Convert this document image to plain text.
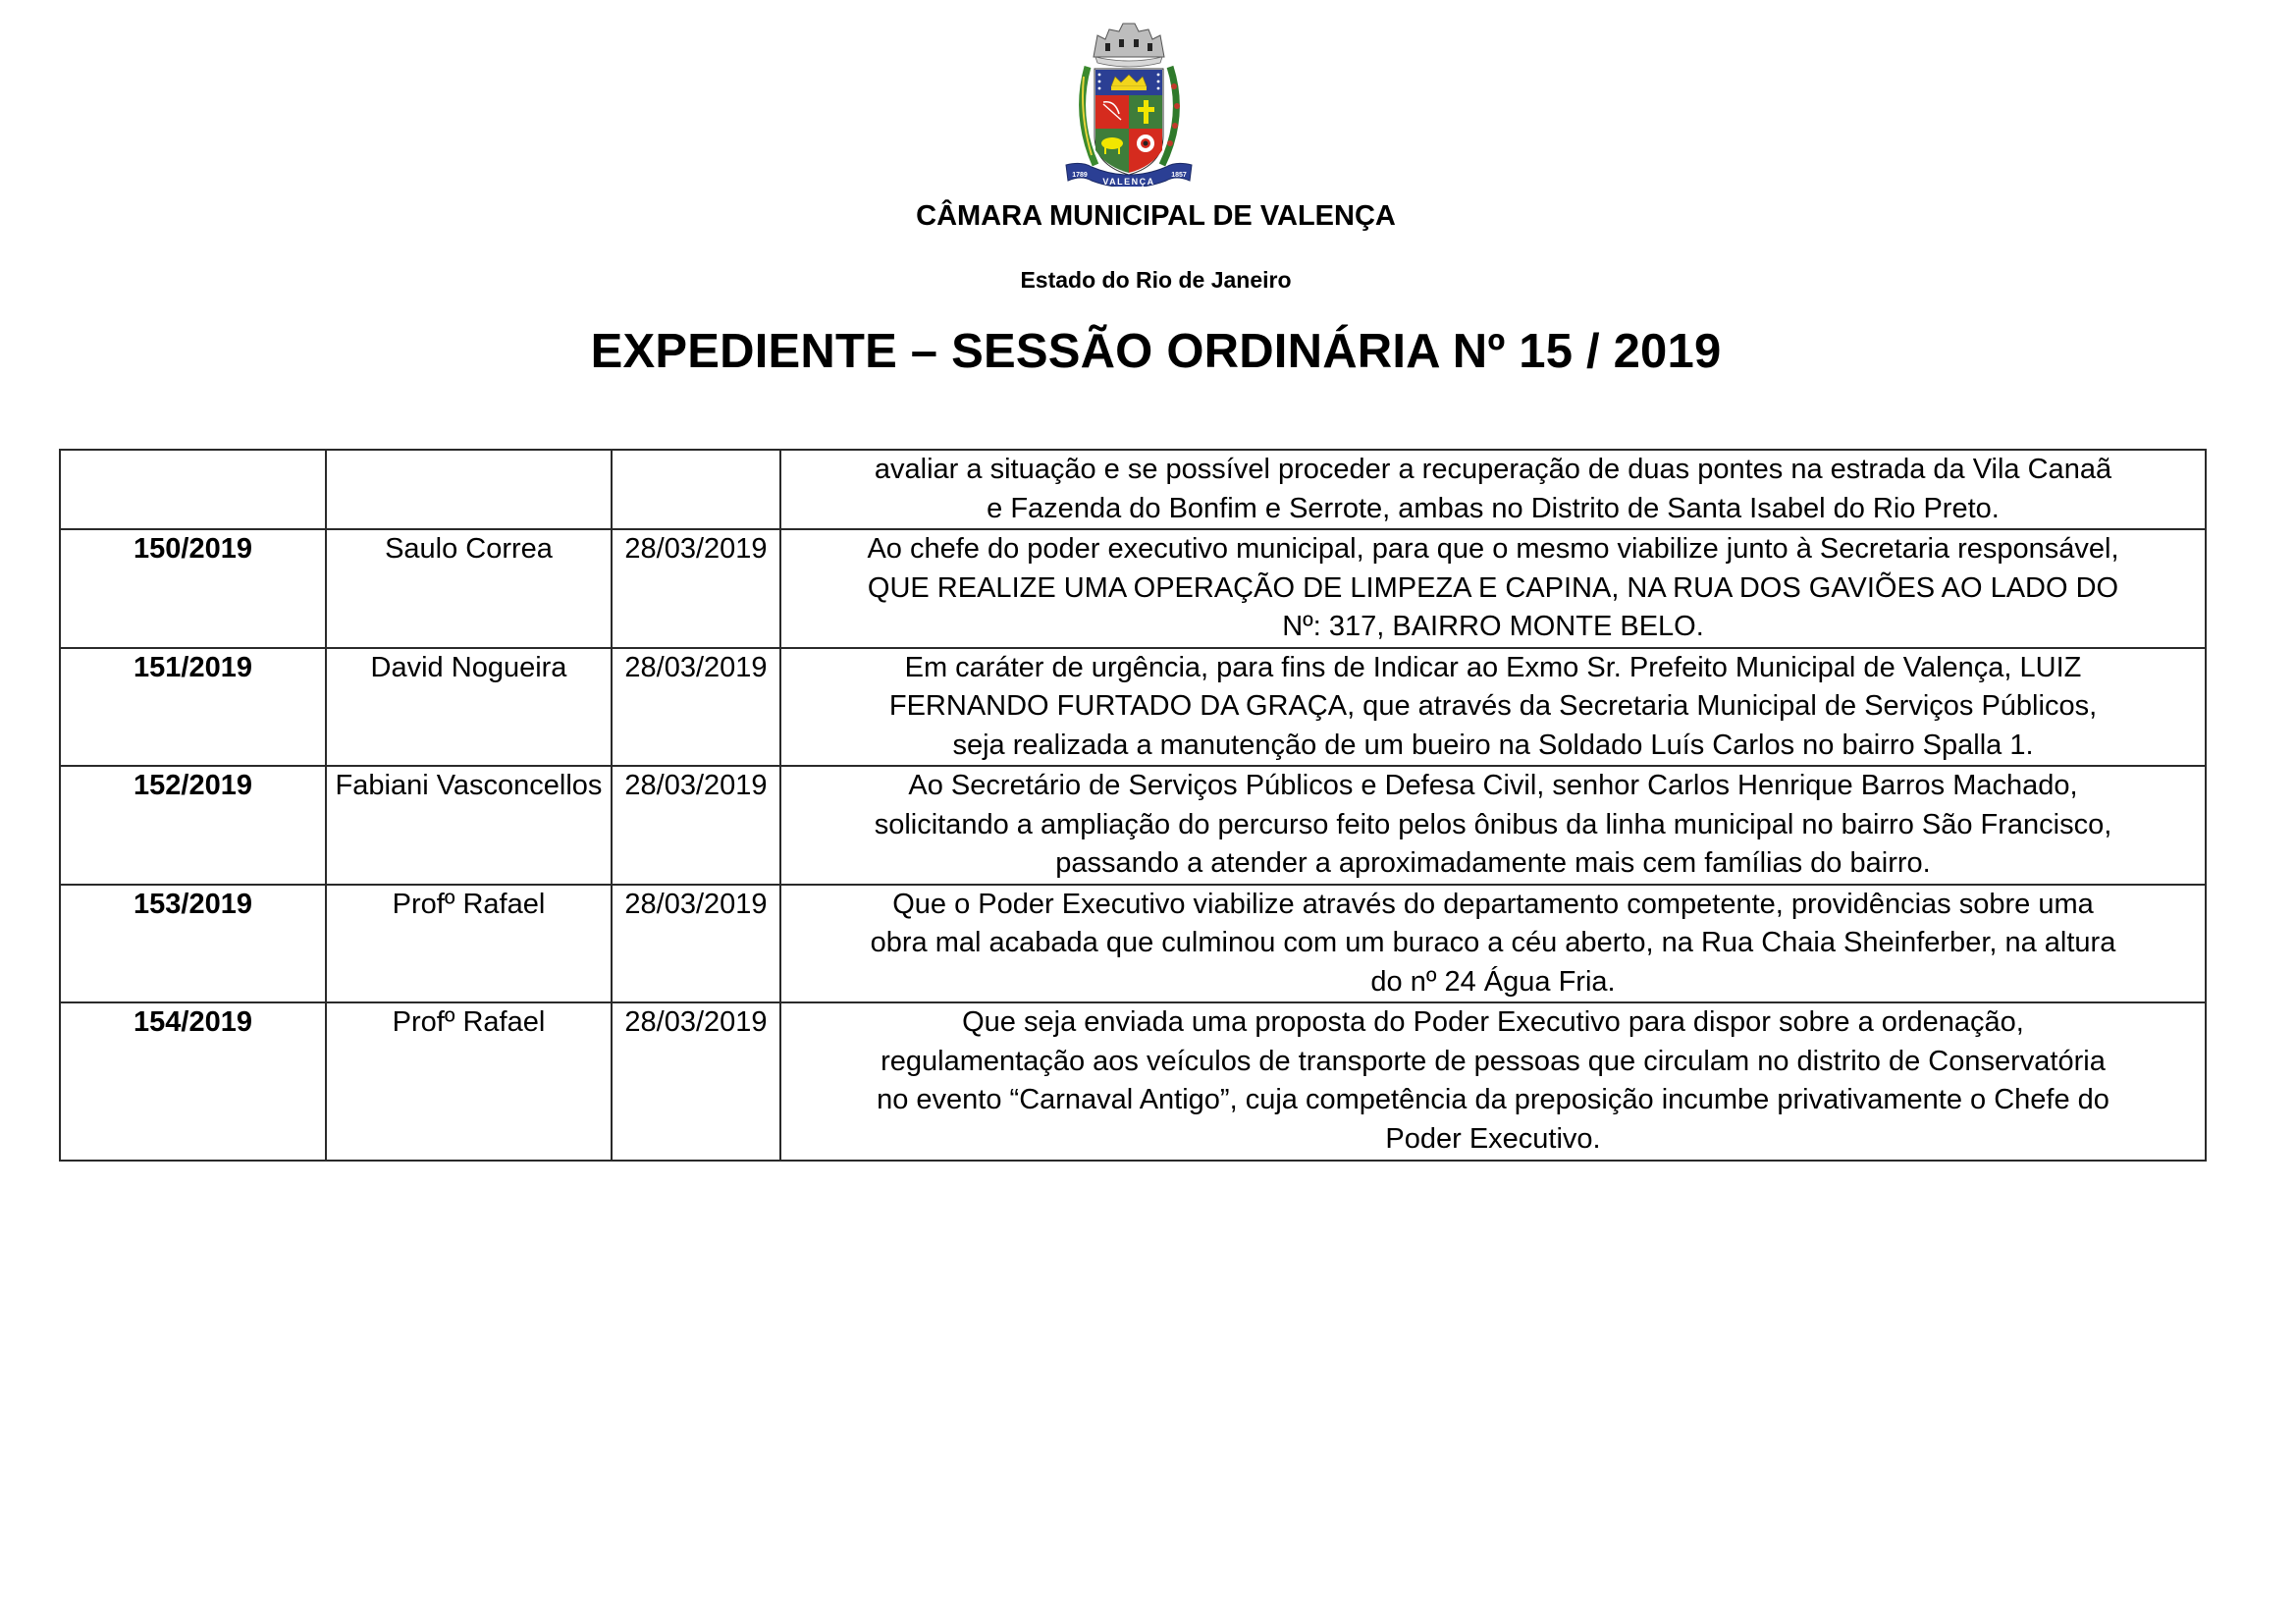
1789
VALENÇA
1857
CÂMARA MUNICIPAL DE VALENÇA
Estado do Rio de Janeiro
EXPEDIENTE – SESSÃO ORDINÁRIA Nº 15 / 2019

			avaliar a situação e se possível proceder a recuperação de duas pontes na estrada da Vila Canaã
e Fazenda do Bonfim e Serrote, ambas no Distrito de Santa Isabel do Rio Preto.

150/2019	Saulo Correa	28/03/2019	Ao chefe do poder executivo municipal, para que o mesmo viabilize junto à Secretaria responsável,
QUE REALIZE UMA OPERAÇÃO DE LIMPEZA E CAPINA, NA RUA DOS GAVIÕES AO LADO DO
Nº: 317, BAIRRO MONTE BELO.

151/2019	David Nogueira	28/03/2019	Em caráter de urgência, para fins de Indicar ao Exmo Sr. Prefeito Municipal de Valença, LUIZ
FERNANDO FURTADO DA GRAÇA, que através da Secretaria Municipal de Serviços Públicos,
seja realizada a manutenção de um bueiro na Soldado Luís Carlos no bairro Spalla 1.

152/2019	Fabiani Vasconcellos	28/03/2019	Ao Secretário de Serviços Públicos e Defesa Civil, senhor Carlos Henrique Barros Machado,
solicitando a ampliação do percurso feito pelos ônibus da linha municipal no bairro São Francisco,
passando a atender a aproximadamente mais cem famílias do bairro.

153/2019	Profº Rafael	28/03/2019	Que o Poder Executivo viabilize através do departamento competente, providências sobre uma
obra mal acabada que culminou com um buraco a céu aberto, na Rua Chaia Sheinferber, na altura
do nº 24 Água Fria.

154/2019	Profº Rafael	28/03/2019	Que seja enviada uma proposta do Poder Executivo para dispor sobre a ordenação,
regulamentação aos veículos de transporte de pessoas que circulam no distrito de Conservatória
no evento “Carnaval Antigo”, cuja competência da preposição incumbe privativamente o Chefe do
Poder Executivo.
